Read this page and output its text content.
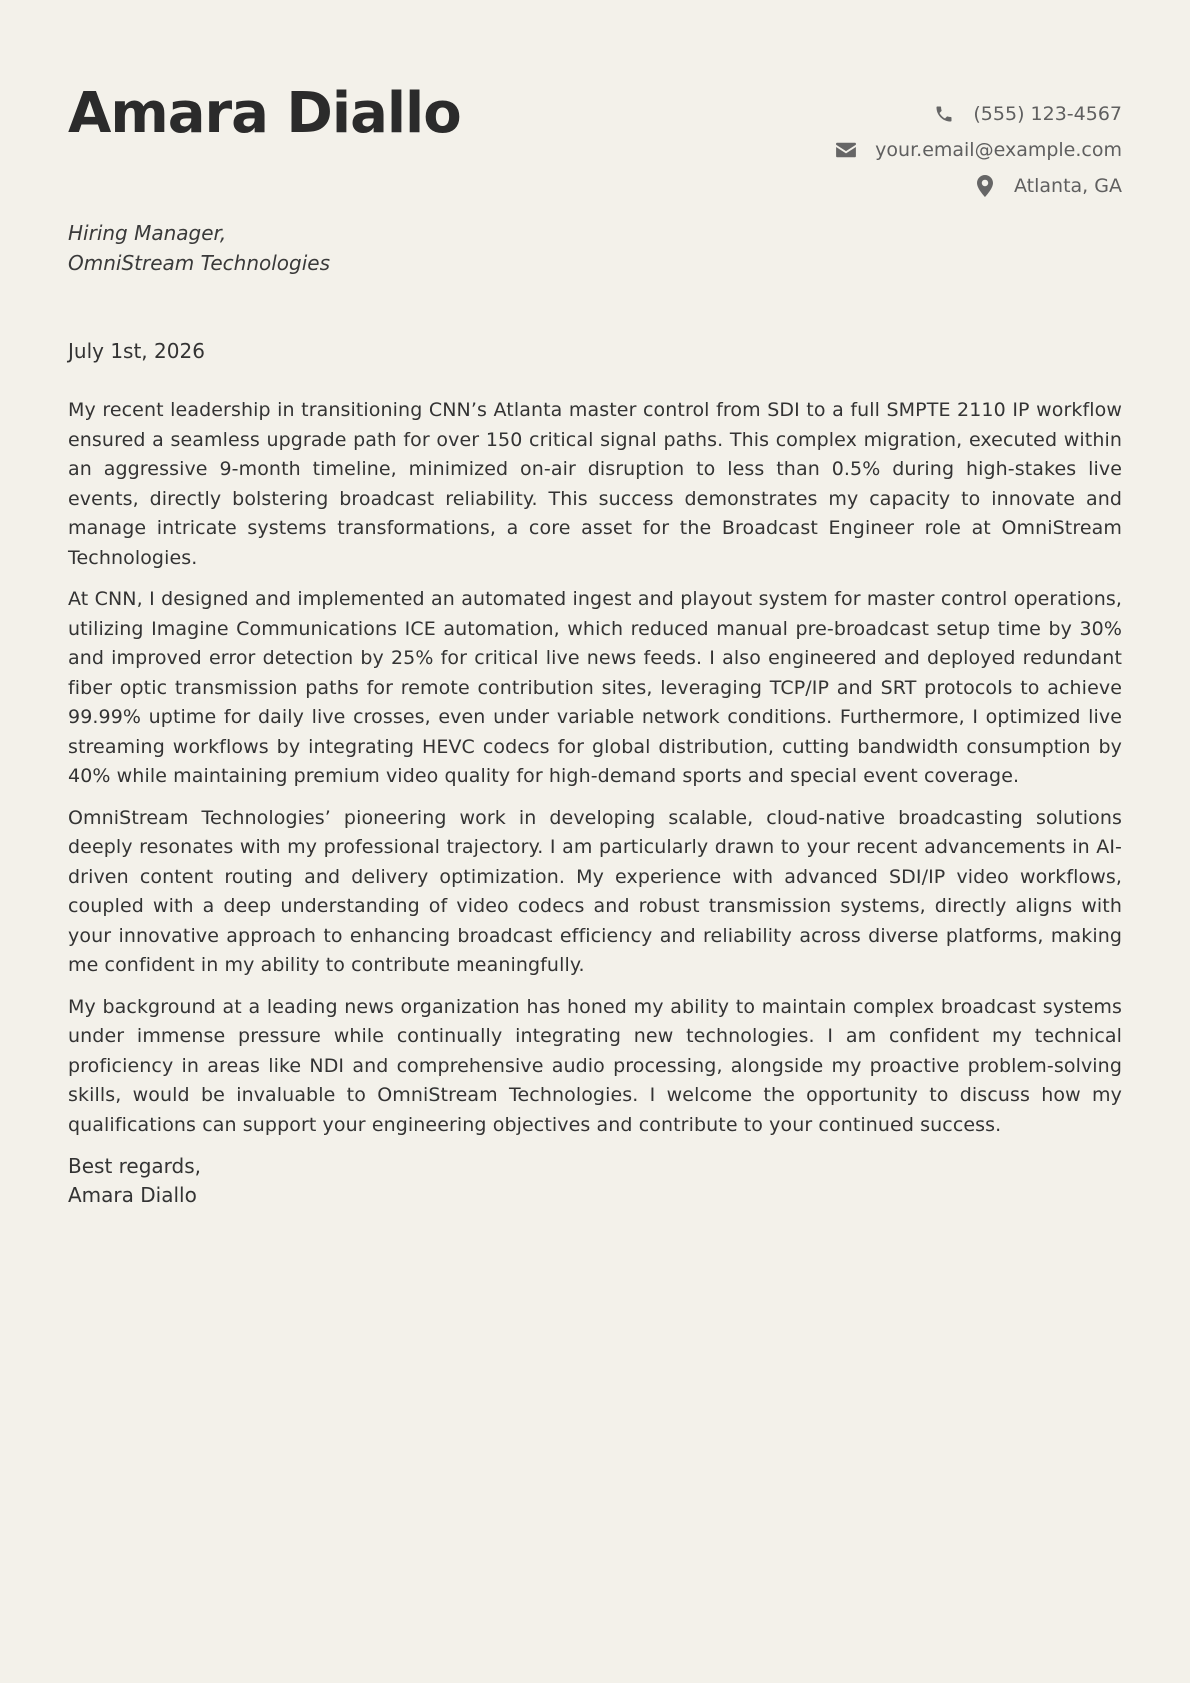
Amara Diallo	(555) 123-4567
your.email@example.com
Atlanta, GA
Hiring Manager,
OmniStream Technologies
July 1st, 2026

My recent leadership in transitioning CNN’s Atlanta master control from SDI to a full SMPTE 2110 IP workflow ensured a seamless upgrade path for over 150 critical signal paths. This complex migration, executed within an aggressive 9-month timeline, minimized on-air disruption to less than 0.5% during high-stakes live events, directly bolstering broadcast reliability. This success demonstrates my capacity to innovate and manage intricate systems transformations, a core asset for the Broadcast Engineer role at OmniStream Technologies.

At CNN, I designed and implemented an automated ingest and playout system for master control operations, utilizing Imagine Communications ICE automation, which reduced manual pre-broadcast setup time by 30% and improved error detection by 25% for critical live news feeds. I also engineered and deployed redundant fiber optic transmission paths for remote contribution sites, leveraging TCP/IP and SRT protocols to achieve 99.99% uptime for daily live crosses, even under variable network conditions. Furthermore, I optimized live streaming workflows by integrating HEVC codecs for global distribution, cutting bandwidth consumption by 40% while maintaining premium video quality for high-demand sports and special event coverage.

OmniStream Technologies’ pioneering work in developing scalable, cloud-native broadcasting solutions deeply resonates with my professional trajectory. I am particularly drawn to your recent advancements in AI-driven content routing and delivery optimization. My experience with advanced SDI/IP video workflows, coupled with a deep understanding of video codecs and robust transmission systems, directly aligns with your innovative approach to enhancing broadcast efficiency and reliability across diverse platforms, making me confident in my ability to contribute meaningfully.

My background at a leading news organization has honed my ability to maintain complex broadcast systems under immense pressure while continually integrating new technologies. I am confident my technical proficiency in areas like NDI and comprehensive audio processing, alongside my proactive problem-solving skills, would be invaluable to OmniStream Technologies. I welcome the opportunity to discuss how my qualifications can support your engineering objectives and contribute to your continued success.

Best regards,
Amara Diallo
